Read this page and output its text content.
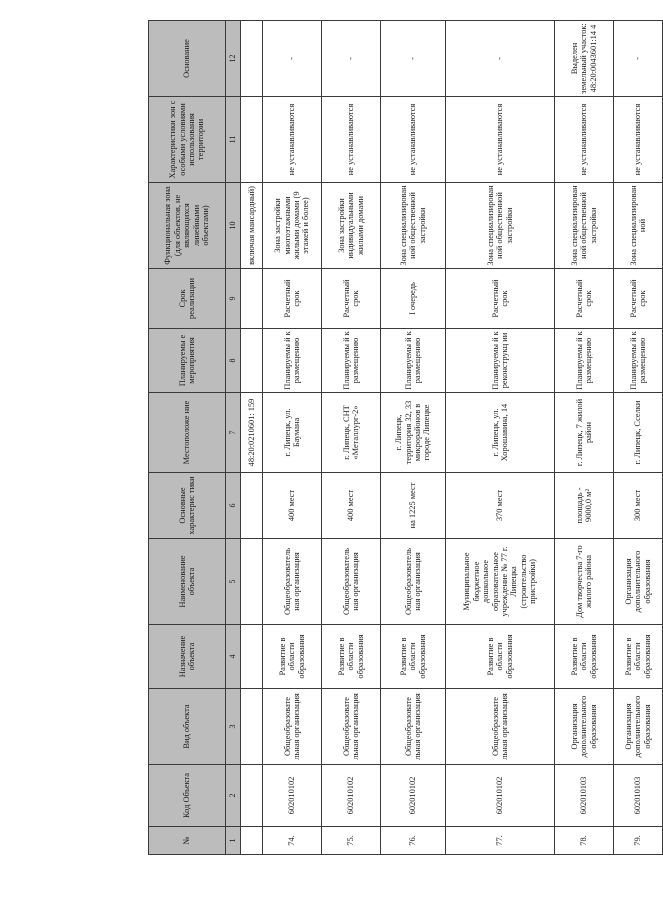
№	Код Объекта	Вид объекта	Назначение объекта	Наименование объекта	Основные характерис тики	Местоположе ние	Планируемы е мероприятия	Срок реализации	Функциональная зона (для объектов, не являющихся линейными объектами)	Характеристики зон с особыми условиями использования территории	Основание
1	2	3	4	5	6	7	8	9	10	11	12
						48:20:0210601: 159			включая мансардный)		
74.	602010102	Общеобразовате льная организация	Развитие в области образования	Общеобразователь ная организация	400 мест	г. Липецк, ул. Баумана	Планируемы й к размещению	Расчетный срок	Зона застройки многоэтажными жилыми домами (9 этажей и более)	не устанавливаются	-
75.	602010102	Общеобразовате льная организация	Развитие в области образования	Общеобразователь ная организация	400 мест	г. Липецк, СНТ «Металлург-2»	Планируемы й к размещению	Расчетный срок	Зона застройки индивидуальными жилыми домами	не устанавливаются	-
76.	602010102	Общеобразовате льная организация	Развитие в области образования	Общеобразователь ная организация	на 1225 мест	г. Липецк, территория 32, 33 микрорайонов в городе Липецке	Планируемы й к размещению	I очередь	Зона специализирован ной общественной застройки	не устанавливаются	-
77.	602010102	Общеобразовате льная организация	Развитие в области образования	Муниципальное бюджетное дошкольное образовательное учреждение № 77 г. Липецка (строительство пристройки)	370 мест	г. Липецк, ул. Хорошавина, 14	Планируемы й к реконструкц ии	Расчетный срок	Зона специализирован ной общественной застройки	не устанавливаются	-
78.	602010103	Организация дополнительного образования	Развитие в области образования	Дом творчества 7-го жилого района	площадь - 9000,0 м²	г. Липецк, 7 жилой район	Планируемы й к размещению	Расчетный срок	Зона специализирован ной общественной застройки	не устанавливаются	Выделен земельный участок: 48:20:0043601:14 4
79.	602010103	Организация дополнительного образования	Развитие в области образования	Организация дополнительного образования	300 мест	г. Липецк, Сселки	Планируемы й к размещению	Расчетный срок	Зона специализирован ной	не устанавливаются	-
